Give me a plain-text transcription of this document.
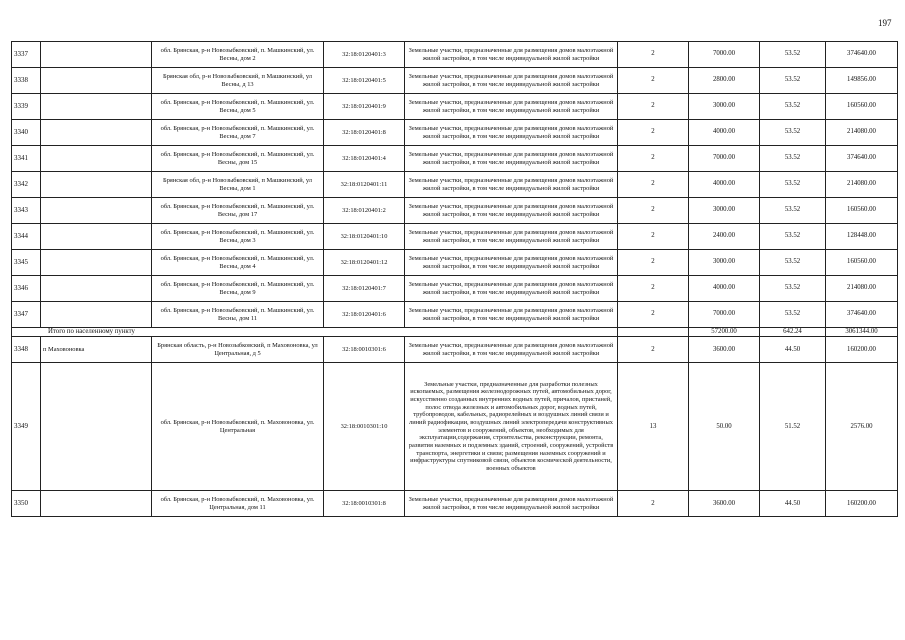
197
3337		обл. Брянская, р-н Новозыбковский, п. Машкинский, ул. Весны, дом 2	32:18:0120401:3	Земельные участки, предназначенные для размещения домов малоэтажной жилой застройки, в том числе индивидуальной жилой застройки	2	7000.00	53.52	374640.00
3338		Брянская обл, р-н Новозыбковский, п Машкинский, ул Весны, д 13	32:18:0120401:5	Земельные участки, предназначенные для размещения домов малоэтажной жилой застройки, в том числе индивидуальной жилой застройки	2	2800.00	53.52	149856.00
3339		обл. Брянская, р-н Новозыбковский, п. Машкинский, ул. Весны, дом 5	32:18:0120401:9	Земельные участки, предназначенные для размещения домов малоэтажной жилой застройки, в том числе индивидуальной жилой застройки	2	3000.00	53.52	160560.00
3340		обл. Брянская, р-н Новозыбковский, п. Машкинский, ул. Весны, дом 7	32:18:0120401:8	Земельные участки, предназначенные для размещения домов малоэтажной жилой застройки, в том числе индивидуальной жилой застройки	2	4000.00	53.52	214080.00
3341		обл. Брянская, р-н Новозыбковский, п. Машкинский, ул. Весны, дом 15	32:18:0120401:4	Земельные участки, предназначенные для размещения домов малоэтажной жилой застройки, в том числе индивидуальной жилой застройки	2	7000.00	53.52	374640.00
3342		Брянская обл, р-н Новозыбковский, п Машкинский, ул Весны, дом 1	32:18:0120401:11	Земельные участки, предназначенные для размещения домов малоэтажной жилой застройки, в том числе индивидуальной жилой застройки	2	4000.00	53.52	214080.00
3343		обл. Брянская, р-н Новозыбковский, п. Машкинский, ул. Весны, дом 17	32:18:0120401:2	Земельные участки, предназначенные для размещения домов малоэтажной жилой застройки, в том числе индивидуальной жилой застройки	2	3000.00	53.52	160560.00
3344		обл. Брянская, р-н Новозыбковский, п. Машкинский, ул. Весны, дом 3	32:18:0120401:10	Земельные участки, предназначенные для размещения домов малоэтажной жилой застройки, в том числе индивидуальной жилой застройки	2	2400.00	53.52	128448.00
3345		обл. Брянская, р-н Новозыбковский, п. Машкинский, ул. Весны, дом 4	32:18:0120401:12	Земельные участки, предназначенные для размещения домов малоэтажной жилой застройки, в том числе индивидуальной жилой застройки	2	3000.00	53.52	160560.00
3346		обл. Брянская, р-н Новозыбковский, п. Машкинский, ул. Весны, дом 9	32:18:0120401:7	Земельные участки, предназначенные для размещения домов малоэтажной жилой застройки, в том числе индивидуальной жилой застройки	2	4000.00	53.52	214080.00
3347		обл. Брянская, р-н Новозыбковский, п. Машкинский, ул. Весны, дом 11	32:18:0120401:6	Земельные участки, предназначенные для размещения домов малоэтажной жилой застройки, в том числе индивидуальной жилой застройки	2	7000.00	53.52	374640.00
Итого по населенному пункту						57200.00	642.24	3061344.00
3348	п Маховоновка	Брянская область, р-н Новозыбковский, п Маховоновка, ул Центральная, д 5	32:18:0010301:6	Земельные участки, предназначенные для размещения домов малоэтажной жилой застройки, в том числе индивидуальной жилой застройки	2	3600.00	44.50	160200.00
3349		обл. Брянская, р-н Новозыбковский, п. Маховоновка, ул. Центральная	32:18:0010301:10	Земельные участки, предназначенные для разработки полезных ископаемых, размещения железнодорожных путей, автомобильных дорог, искусственно созданных внутренних водных путей, причалов, пристаней, полос отвода железных и автомобильных дорог, водных путей, трубопроводов, кабельных, радиорелейных и воздушных линий связи и линий радиофикации, воздушных линий электропередачи конструктивных элементов и сооружений, объектов, необходимых для эксплуатации,содержания, строительства, реконструкции, ремонта, развития наземных и подземных зданий, строений, сооружений, устройств транспорта, энергетики и связи; размещения наземных сооружений и инфраструктуры спутниковой связи, объектов космической деятельности, военных объектов	13	50.00	51.52	2576.00
3350		обл. Брянская, р-н Новозыбковский, п. Маховоновка, ул. Центральная, дом 11	32:18:0010301:8	Земельные участки, предназначенные для размещения домов малоэтажной жилой застройки, в том числе индивидуальной жилой застройки	2	3600.00	44.50	160200.00
